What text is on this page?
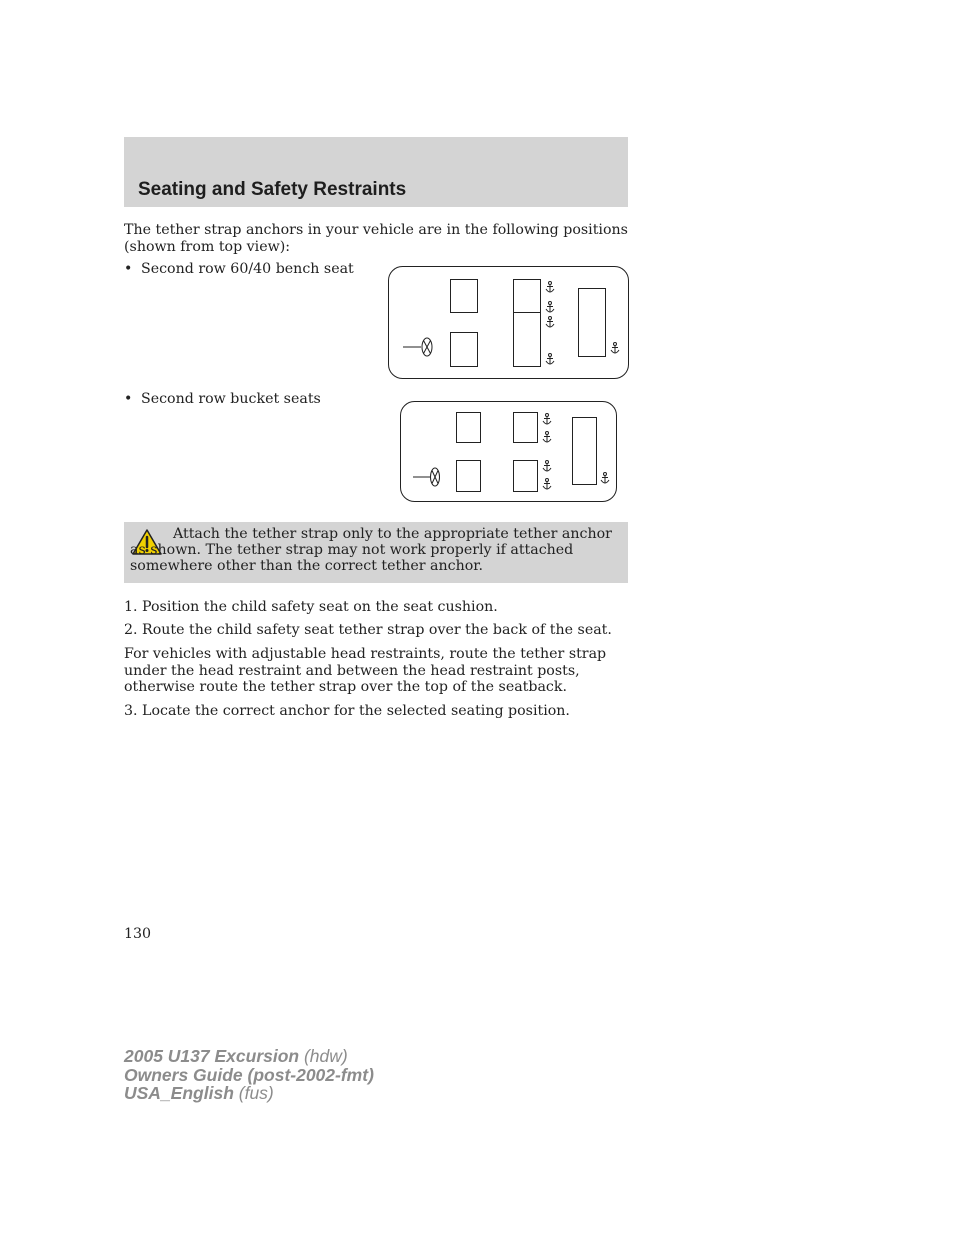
Seating and Safety Restraints

The tether strap anchors in your vehicle are in the following positions (shown from top view):

• Second row 60/40 bench seat
• Second row bucket seats

Attach the tether strap only to the appropriate tether anchor as shown. The tether strap may not work properly if attached somewhere other than the correct tether anchor.

1. Position the child safety seat on the seat cushion.

2. Route the child safety seat tether strap over the back of the seat.

For vehicles with adjustable head restraints, route the tether strap under the head restraint and between the head restraint posts, otherwise route the tether strap over the top of the seatback.

3. Locate the correct anchor for the selected seating position.

130
2005 U137 Excursion (hdw)
Owners Guide (post-2002-fmt)
USA_English (fus)
